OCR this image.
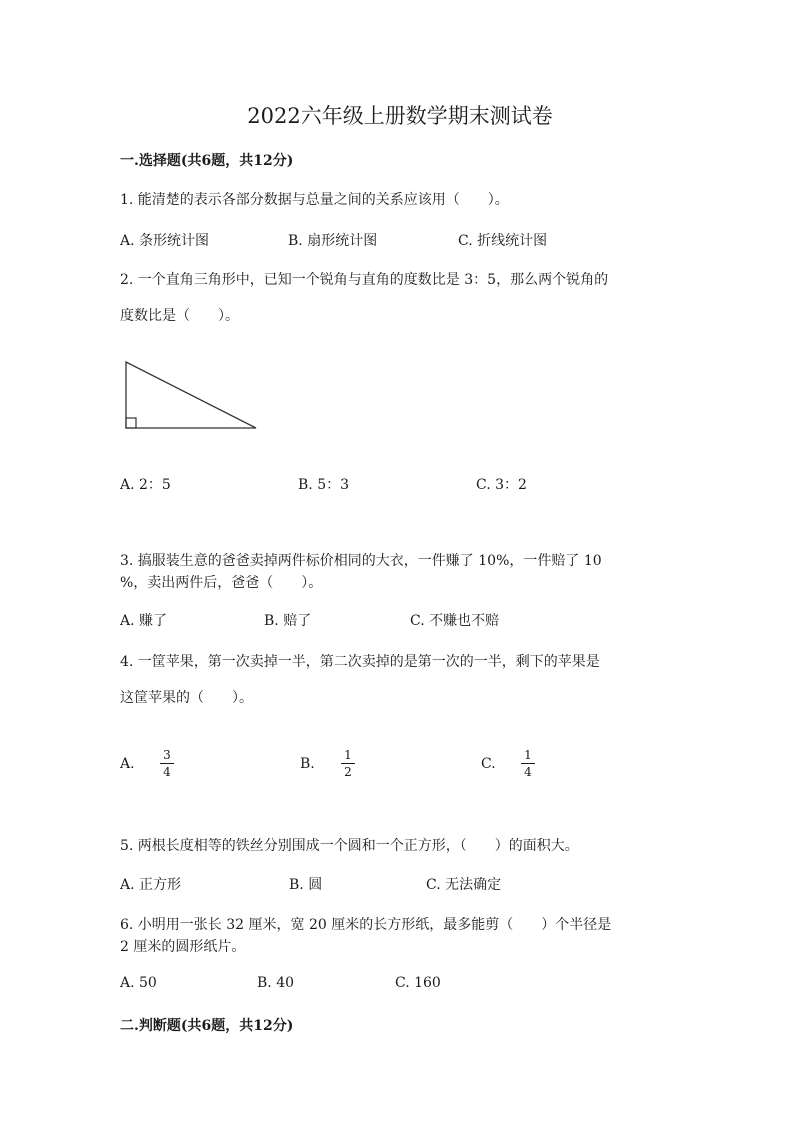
2022六年级上册数学期末测试卷
一.选择题(共6题，共12分)
1. 能清楚的表示各部分数据与总量之间的关系应该用（　　）。
A. 条形统计图	B. 扇形统计图	C. 折线统计图
2. 一个直角三角形中，已知一个锐角与直角的度数比是 3：5，那么两个锐角的
度数比是（　　）。
A. 2：5	B. 5：3	C. 3：2
3. 搞服装生意的爸爸卖掉两件标价相同的大衣，一件赚了 10%，一件赔了 10
%，卖出两件后，爸爸（　　）。
A. 赚了	B. 赔了	C. 不赚也不赔
4. 一筐苹果，第一次卖掉一半，第二次卖掉的是第一次的一半，剩下的苹果是
这筐苹果的（　　）。
A. $\frac{3}{4}$	B. $\frac{1}{2}$	C. $\frac{1}{4}$
5. 两根长度相等的铁丝分别围成一个圆和一个正方形，（　　）的面积大。
A. 正方形	B. 圆	C. 无法确定
6. 小明用一张长 32 厘米，宽 20 厘米的长方形纸，最多能剪（　　）个半径是
2 厘米的圆形纸片。
A. 50	B. 40	C. 160
二.判断题(共6题，共12分)
